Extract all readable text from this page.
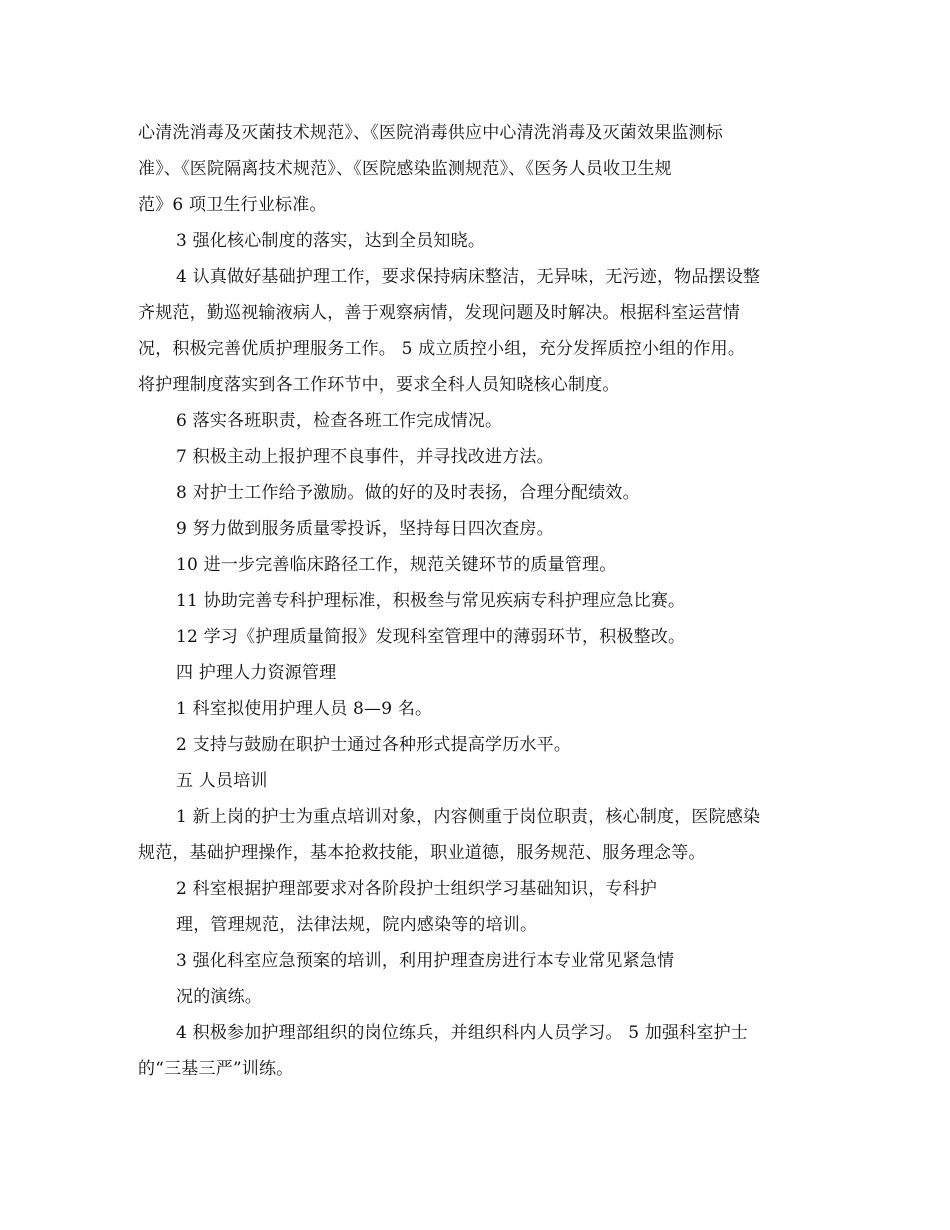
心清洗消毒及灭菌技术规范》、《医院消毒供应中心清洗消毒及灭菌效果监测标
准》、《医院隔离技术规范》、《医院感染监测规范》、《医务人员收卫生规
范》6 项卫生行业标准。
3 强化核心制度的落实，达到全员知晓。
4 认真做好基础护理工作，要求保持病床整洁，无异味，无污迹，物品摆设整
齐规范，勤巡视输液病人，善于观察病情，发现问题及时解决。根据科室运营情
况，积极完善优质护理服务工作。 5 成立质控小组，充分发挥质控小组的作用。
将护理制度落实到各工作环节中，要求全科人员知晓核心制度。
6 落实各班职责，检查各班工作完成情况。
7 积极主动上报护理不良事件，并寻找改进方法。
8 对护士工作给予激励。做的好的及时表扬，合理分配绩效。
9 努力做到服务质量零投诉，坚持每日四次查房。
10 进一步完善临床路径工作，规范关键环节的质量管理。
11 协助完善专科护理标准，积极叁与常见疾病专科护理应急比赛。
12 学习《护理质量简报》发现科室管理中的薄弱环节，积极整改。
四 护理人力资源管理
1 科室拟使用护理人员 8—9 名。
2 支持与鼓励在职护士通过各种形式提高学历水平。
五 人员培训
1 新上岗的护士为重点培训对象，内容侧重于岗位职责，核心制度，医院感染
规范，基础护理操作，基本抢救技能，职业道德，服务规范、服务理念等。
2 科室根据护理部要求对各阶段护士组织学习基础知识，专科护
理，管理规范，法律法规，院内感染等的培训。
3 强化科室应急预案的培训，利用护理查房进行本专业常见紧急情
况的演练。
4 积极参加护理部组织的岗位练兵，并组织科内人员学习。 5 加强科室护士
的“三基三严”训练。
